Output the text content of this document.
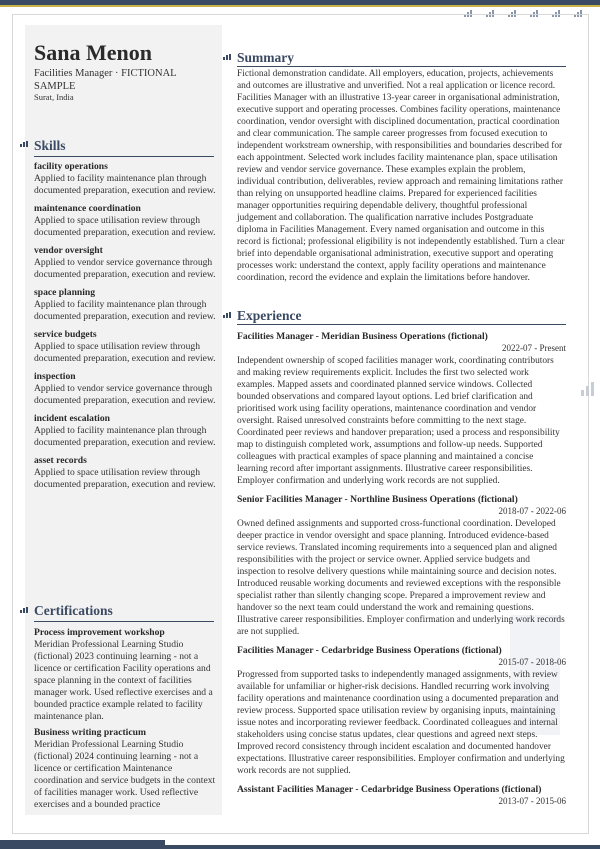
Sana Menon
Facilities Manager · FICTIONAL SAMPLE
Surat, India
Skills
facility operations
Applied to facility maintenance plan through documented preparation, execution and review.
maintenance coordination
Applied to space utilisation review through documented preparation, execution and review.
vendor oversight
Applied to vendor service governance through documented preparation, execution and review.
space planning
Applied to facility maintenance plan through documented preparation, execution and review.
service budgets
Applied to space utilisation review through documented preparation, execution and review.
inspection
Applied to vendor service governance through documented preparation, execution and review.
incident escalation
Applied to facility maintenance plan through documented preparation, execution and review.
asset records
Applied to space utilisation review through documented preparation, execution and review.
Certifications
Process improvement workshop
Meridian Professional Learning Studio (fictional) 2023 continuing learning - not a licence or certification Facility operations and space planning in the context of facilities manager work. Used reflective exercises and a bounded practice example related to facility maintenance plan.
Business writing practicum
Meridian Professional Learning Studio (fictional) 2024 continuing learning - not a licence or certification Maintenance coordination and service budgets in the context of facilities manager work. Used reflective exercises and a bounded practice
Summary
Fictional demonstration candidate. All employers, education, projects, achievements and outcomes are illustrative and unverified. Not a real application or licence record. Facilities Manager with an illustrative 13-year career in organisational administration, executive support and operating processes. Combines facility operations, maintenance coordination, vendor oversight with disciplined documentation, practical coordination and clear communication. The sample career progresses from focused execution to independent workstream ownership, with responsibilities and boundaries described for each appointment. Selected work includes facility maintenance plan, space utilisation review and vendor service governance. These examples explain the problem, individual contribution, deliverables, review approach and remaining limitations rather than relying on unsupported headline claims. Prepared for experienced facilities manager opportunities requiring dependable delivery, thoughtful professional judgement and collaboration. The qualification narrative includes Postgraduate diploma in Facilities Management. Every named organisation and outcome in this record is fictional; professional eligibility is not independently established. Turn a clear brief into dependable organisational administration, executive support and operating processes work: understand the context, apply facility operations and maintenance coordination, record the evidence and explain the limitations before handover.
Experience
Facilities Manager - Meridian Business Operations (fictional)
2022-07 - Present
Independent ownership of scoped facilities manager work, coordinating contributors and making review requirements explicit. Includes the first two selected work examples. Mapped assets and coordinated planned service windows. Collected bounded observations and compared layout options. Led brief clarification and prioritised work using facility operations, maintenance coordination and vendor oversight. Raised unresolved constraints before committing to the next stage. Coordinated peer reviews and handover preparation; used a process and responsibility map to distinguish completed work, assumptions and follow-up needs. Supported colleagues with practical examples of space planning and maintained a concise learning record after important assignments. Illustrative career responsibilities. Employer confirmation and underlying work records are not supplied.
Senior Facilities Manager - Northline Business Operations (fictional)
2018-07 - 2022-06
Owned defined assignments and supported cross-functional coordination. Developed deeper practice in vendor oversight and space planning. Introduced evidence-based service reviews. Translated incoming requirements into a sequenced plan and aligned responsibilities with the project or service owner. Applied service budgets and inspection to resolve delivery questions while maintaining source and decision notes. Introduced reusable working documents and reviewed exceptions with the responsible specialist rather than silently changing scope. Prepared a improvement review and handover so the next team could understand the work and remaining questions. Illustrative career responsibilities. Employer confirmation and underlying work records are not supplied.
Facilities Manager - Cedarbridge Business Operations (fictional)
2015-07 - 2018-06
Progressed from supported tasks to independently managed assignments, with review available for unfamiliar or higher-risk decisions. Handled recurring work involving facility operations and maintenance coordination using a documented preparation and review process. Supported space utilisation review by organising inputs, maintaining issue notes and incorporating reviewer feedback. Coordinated colleagues and internal stakeholders using concise status updates, clear questions and agreed next steps. Improved record consistency through incident escalation and documented handover expectations. Illustrative career responsibilities. Employer confirmation and underlying work records are not supplied.
Assistant Facilities Manager - Cedarbridge Business Operations (fictional)
2013-07 - 2015-06
